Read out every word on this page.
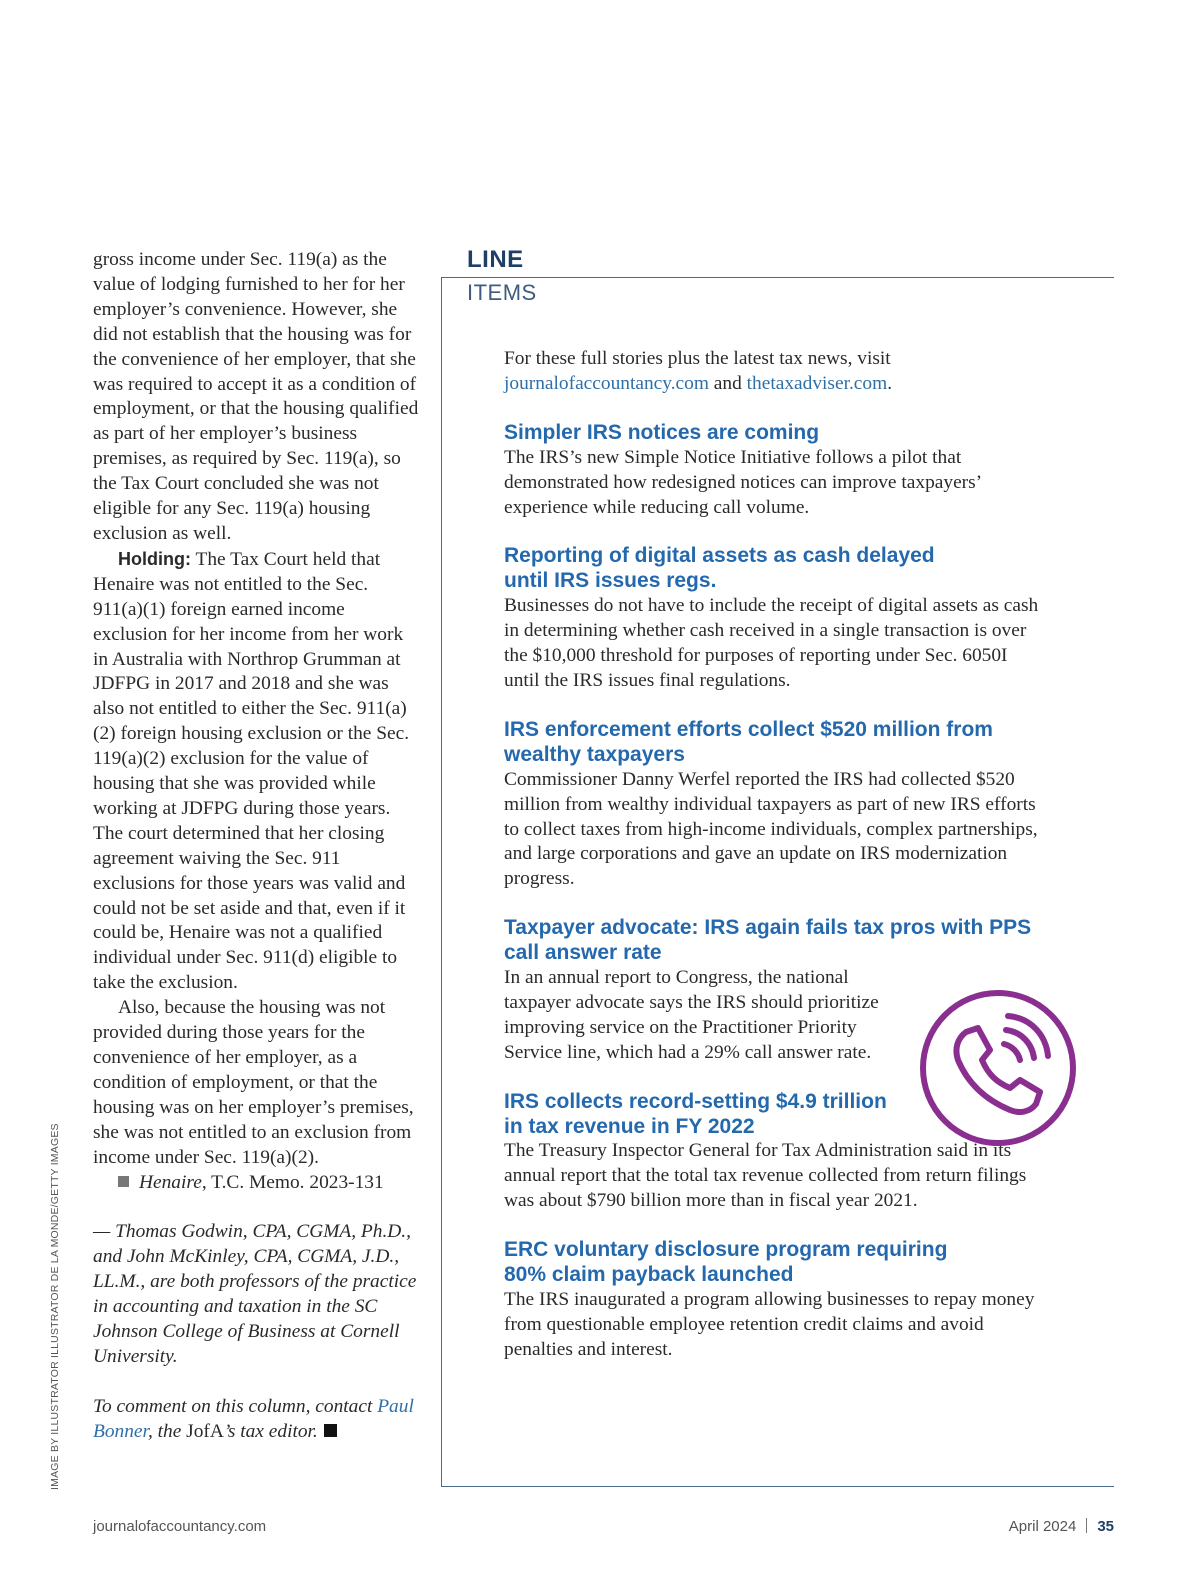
gross income under Sec. 119(a) as the value of lodging furnished to her for her employer’s convenience. However, she did not establish that the housing was for the convenience of her employer, that she was required to accept it as a condition of employment, or that the housing qualified as part of her employer’s business premises, as required by Sec. 119(a), so the Tax Court concluded she was not eligible for any Sec. 119(a) housing exclusion as well.

Holding: The Tax Court held that Henaire was not entitled to the Sec. 911(a)(1) foreign earned income exclusion for her income from her work in Australia with Northrop Grumman at JDFPG in 2017 and 2018 and she was also not entitled to either the Sec. 911(a)(2) foreign housing exclusion or the Sec. 119(a)(2) exclusion for the value of housing that she was provided while working at JDFPG during those years. The court determined that her closing agreement waiving the Sec. 911 exclusions for those years was valid and could not be set aside and that, even if it could be, Henaire was not a qualified individual under Sec. 911(d) eligible to take the exclusion.

Also, because the housing was not provided during those years for the convenience of her employer, as a condition of employment, or that the housing was on her employer’s premises, she was not entitled to an exclusion from income under Sec. 119(a)(2).

Henaire, T.C. Memo. 2023-131

— Thomas Godwin, CPA, CGMA, Ph.D., and John McKinley, CPA, CGMA, J.D., LL.M., are both professors of the practice in accounting and taxation in the SC Johnson College of Business at Cornell University.

To comment on this column, contact Paul Bonner, the JofA’s tax editor.

LINE
ITEMS

For these full stories plus the latest tax news, visit journalofaccountancy.com and thetaxadviser.com.

Simpler IRS notices are coming

The IRS’s new Simple Notice Initiative follows a pilot that demonstrated how redesigned notices can improve taxpayers’ experience while reducing call volume.

Reporting of digital assets as cash delayed until IRS issues regs.

Businesses do not have to include the receipt of digital assets as cash in determining whether cash received in a single transaction is over the $10,000 threshold for purposes of reporting under Sec. 6050I until the IRS issues final regulations.

IRS enforcement efforts collect $520 million from wealthy taxpayers

Commissioner Danny Werfel reported the IRS had collected $520 million from wealthy individual taxpayers as part of new IRS efforts to collect taxes from high-income individuals, complex partnerships, and large corporations and gave an update on IRS modernization progress.

Taxpayer advocate: IRS again fails tax pros with PPS call answer rate

In an annual report to Congress, the national taxpayer advocate says the IRS should prioritize improving service on the Practitioner Priority Service line, which had a 29% call answer rate.

IRS collects record-setting $4.9 trillion in tax revenue in FY 2022

The Treasury Inspector General for Tax Administration said in its annual report that the total tax revenue collected from return filings was about $790 billion more than in fiscal year 2021.

ERC voluntary disclosure program requiring 80% claim payback launched

The IRS inaugurated a program allowing businesses to repay money from questionable employee retention credit claims and avoid penalties and interest.

IMAGE BY ILLUSTRATOR ILLUSTRATOR DE LA MONDE/GETTY IMAGES
journalofaccountancy.com	April 2024 35
